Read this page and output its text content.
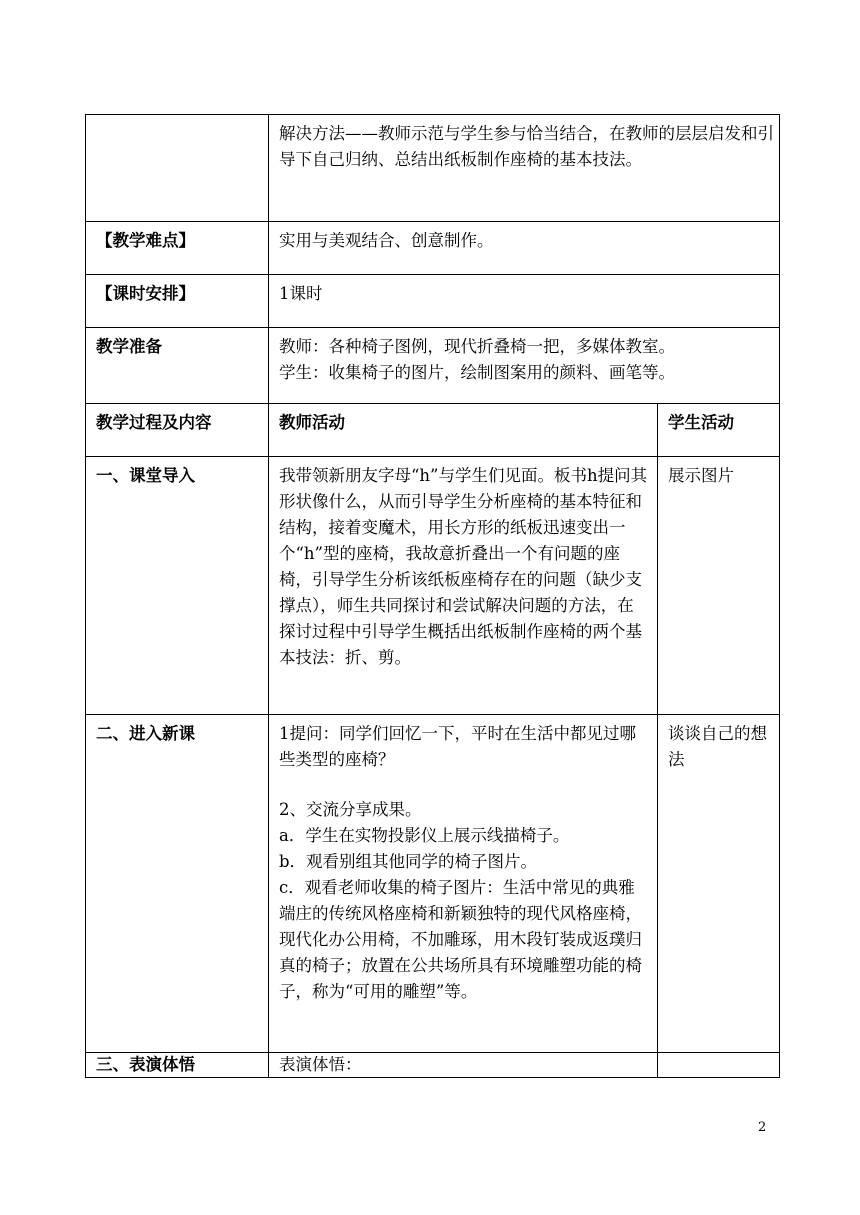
	解决方法——教师示范与学生参与恰当结合，在教师的层层启发和引导下自己归纳、总结出纸板制作座椅的基本技法。	

【教学难点】	实用与美观结合、创意制作。	
【课时安排】	1课时	
教学准备	教师：各种椅子图例，现代折叠椅一把，多媒体教室。

学生：收集椅子的图片，绘制图案用的颜料、画笔等。	

教学过程及内容	教师活动	学生活动
一、课堂导入	我带领新朋友字母“h”与学生们见面。板书h提问其形状像什么，从而引导学生分析座椅的基本特征和结构，接着变魔术，用长方形的纸板迅速变出一个“h”型的座椅，我故意折叠出一个有问题的座椅，引导学生分析该纸板座椅存在的问题（缺少支撑点），师生共同探讨和尝试解决问题的方法，在探讨过程中引导学生概括出纸板制作座椅的两个基本技法：折、剪。	展示图片
二、进入新课	1提问：同学们回忆一下，平时在生活中都见过哪些类型的座椅？

2、交流分享成果。

a．学生在实物投影仪上展示线描椅子。

b．观看别组其他同学的椅子图片。

c．观看老师收集的椅子图片：生活中常见的典雅端庄的传统风格座椅和新颖独特的现代风格座椅，现代化办公用椅，不加雕琢，用木段钉装成返璞归真的椅子；放置在公共场所具有环境雕塑功能的椅子，称为“可用的雕塑”等。	谈谈自己的想法
三、表演体悟	表演体悟：	
2
